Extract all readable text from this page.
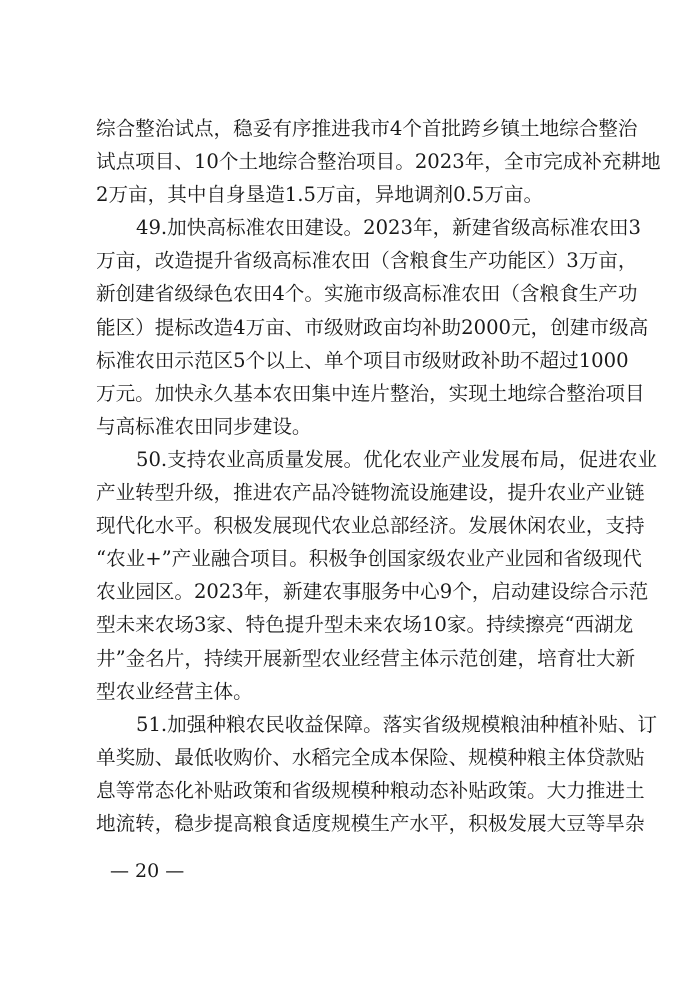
综合整治试点，稳妥有序推进我市4个首批跨乡镇土地综合整治
试点项目、10个土地综合整治项目。2023年，全市完成补充耕地
2万亩，其中自身垦造1.5万亩，异地调剂0.5万亩。
49.加快高标准农田建设。2023年，新建省级高标准农田3
万亩，改造提升省级高标准农田（含粮食生产功能区）3万亩，
新创建省级绿色农田4个。实施市级高标准农田（含粮食生产功
能区）提标改造4万亩、市级财政亩均补助2000元，创建市级高
标准农田示范区5个以上、单个项目市级财政补助不超过1000
万元。加快永久基本农田集中连片整治，实现土地综合整治项目
与高标准农田同步建设。
50.支持农业高质量发展。优化农业产业发展布局，促进农业
产业转型升级，推进农产品冷链物流设施建设，提升农业产业链
现代化水平。积极发展现代农业总部经济。发展休闲农业，支持
“农业+”产业融合项目。积极争创国家级农业产业园和省级现代
农业园区。2023年，新建农事服务中心9个，启动建设综合示范
型未来农场3家、特色提升型未来农场10家。持续擦亮“西湖龙
井”金名片，持续开展新型农业经营主体示范创建，培育壮大新
型农业经营主体。
51.加强种粮农民收益保障。落实省级规模粮油种植补贴、订
单奖励、最低收购价、水稻完全成本保险、规模种粮主体贷款贴
息等常态化补贴政策和省级规模种粮动态补贴政策。大力推进土
地流转，稳步提高粮食适度规模生产水平，积极发展大豆等旱杂
— 20 —
